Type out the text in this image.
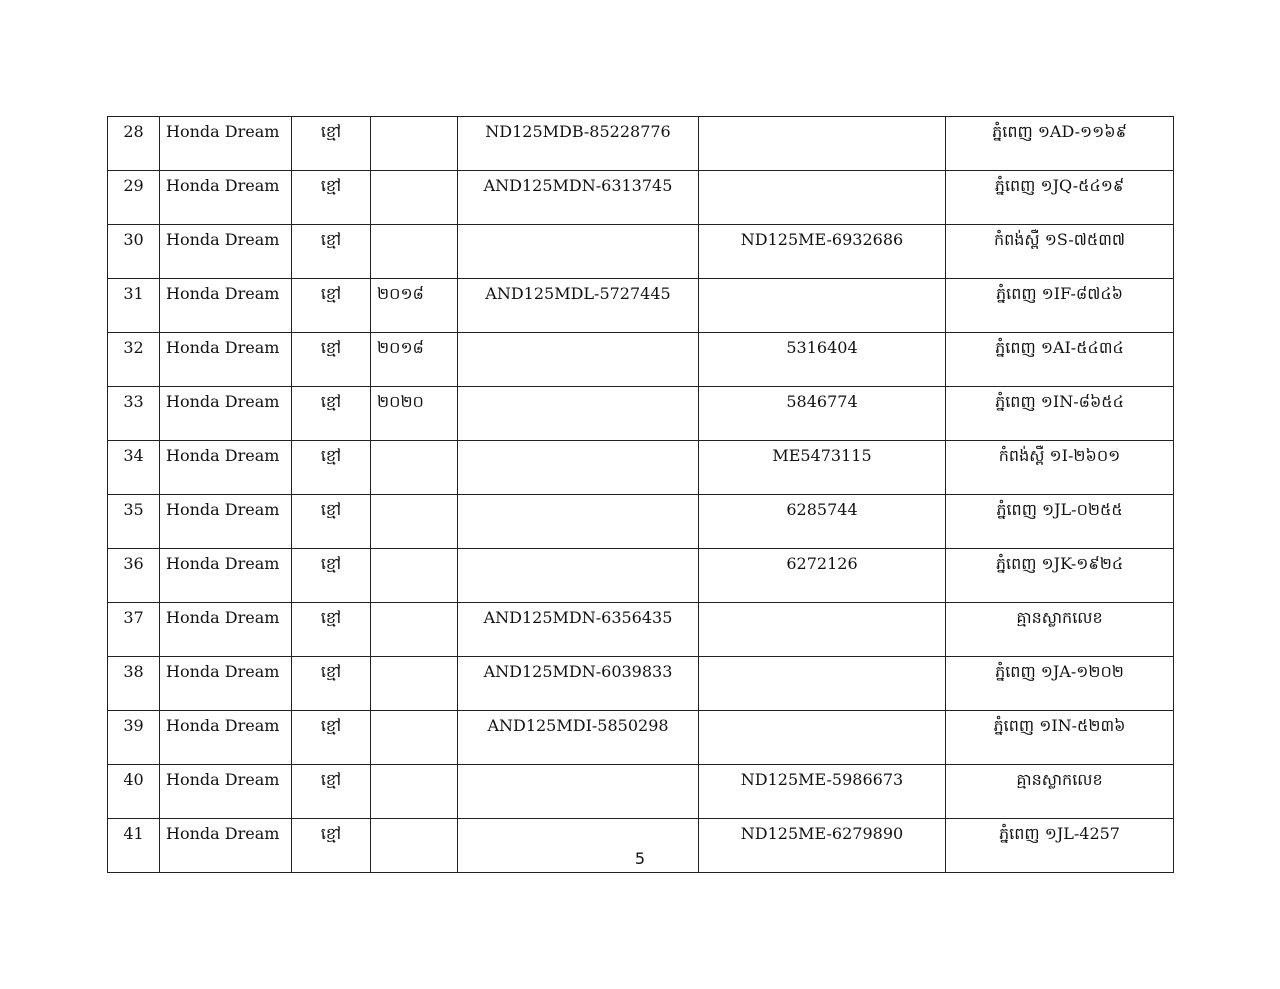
28	Honda Dream	ខ្មៅ		ND125MDB-85228776		ភ្នំពេញ ១AD-១១៦៩
29	Honda Dream	ខ្មៅ		AND125MDN-6313745		ភ្នំពេញ ១JQ-៥៤១៩
30	Honda Dream	ខ្មៅ			ND125ME-6932686	កំពង់ស្ពឺ ១S-៧៥៣៧
31	Honda Dream	ខ្មៅ	២០១៨	AND125MDL-5727445		ភ្នំពេញ ១IF-៨៧៤៦
32	Honda Dream	ខ្មៅ	២០១៨		5316404	ភ្នំពេញ ១AI-៥៤៣៤
33	Honda Dream	ខ្មៅ	២០២០		5846774	ភ្នំពេញ ១IN-៨៦៥៤
34	Honda Dream	ខ្មៅ			ME5473115	កំពង់ស្ពឺ ១I-២៦០១
35	Honda Dream	ខ្មៅ			6285744	ភ្នំពេញ ១JL-០២៥៥
36	Honda Dream	ខ្មៅ			6272126	ភ្នំពេញ ១JK-១៩២៤
37	Honda Dream	ខ្មៅ		AND125MDN-6356435		គ្មានស្លាកលេខ
38	Honda Dream	ខ្មៅ		AND125MDN-6039833		ភ្នំពេញ ១JA-១២០២
39	Honda Dream	ខ្មៅ		AND125MDI-5850298		ភ្នំពេញ ១IN-៥២៣៦
40	Honda Dream	ខ្មៅ			ND125ME-5986673	គ្មានស្លាកលេខ
41	Honda Dream	ខ្មៅ			ND125ME-6279890	ភ្នំពេញ ១JL-4257
5
